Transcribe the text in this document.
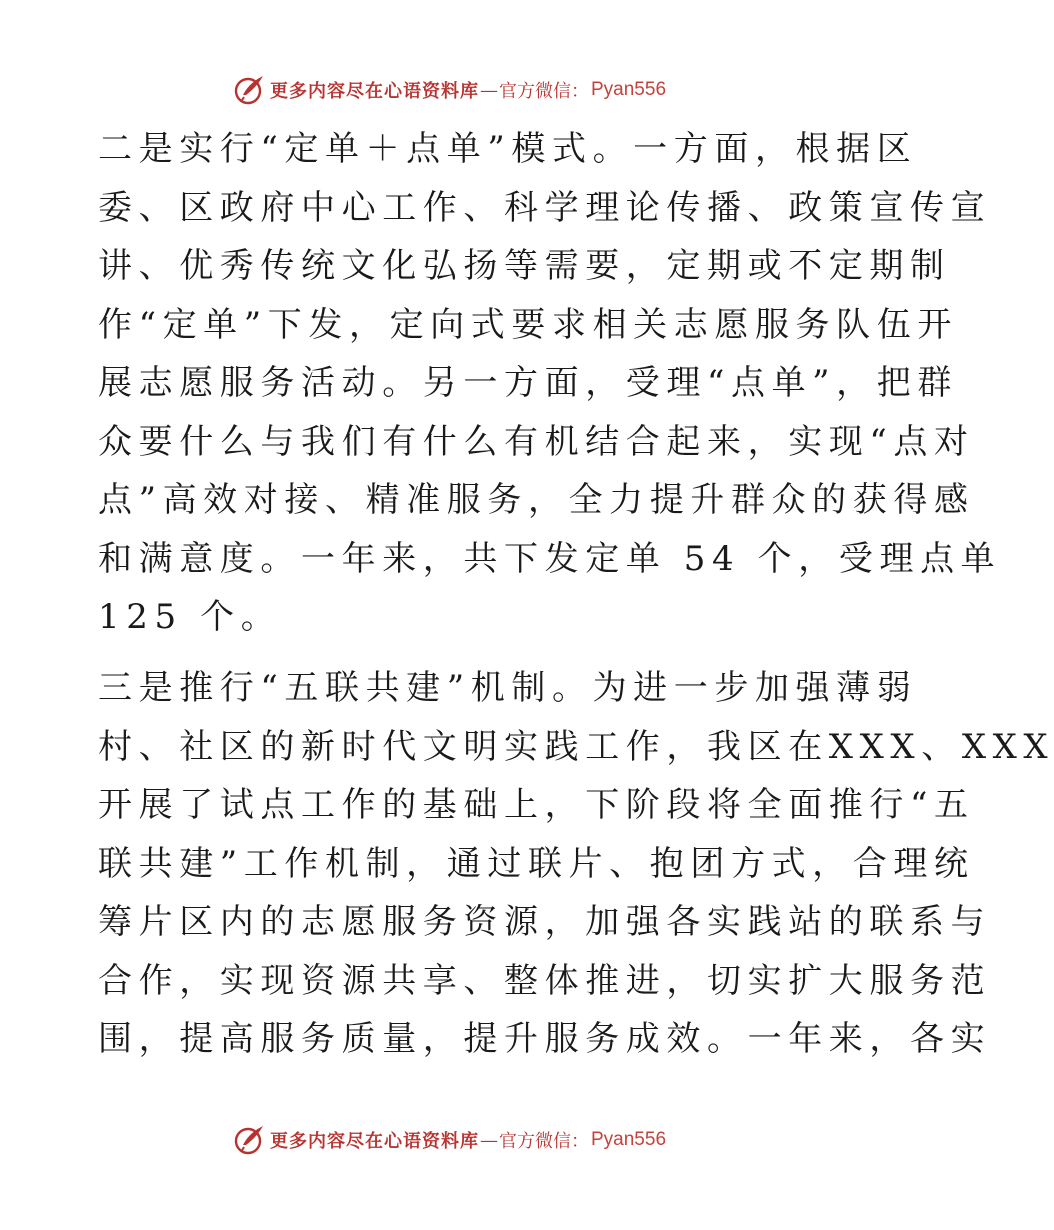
更多内容尽在心语资料库 — 官方微信： Pyan556
二是实行“定单＋点单”模式。一方面，根据区
委、区政府中心工作、科学理论传播、政策宣传宣
讲、优秀传统文化弘扬等需要，定期或不定期制
作“定单”下发，定向式要求相关志愿服务队伍开
展志愿服务活动。另一方面，受理“点单”，把群
众要什么与我们有什么有机结合起来，实现“点对
点”高效对接、精准服务，全力提升群众的获得感
和满意度。一年来，共下发定单 54 个，受理点单
125 个。
三是推行“五联共建”机制。为进一步加强薄弱
村、社区的新时代文明实践工作，我区在XXX、XXX
开展了试点工作的基础上，下阶段将全面推行“五
联共建”工作机制，通过联片、抱团方式，合理统
筹片区内的志愿服务资源，加强各实践站的联系与
合作，实现资源共享、整体推进，切实扩大服务范
围，提高服务质量，提升服务成效。一年来，各实
更多内容尽在心语资料库 — 官方微信： Pyan556
